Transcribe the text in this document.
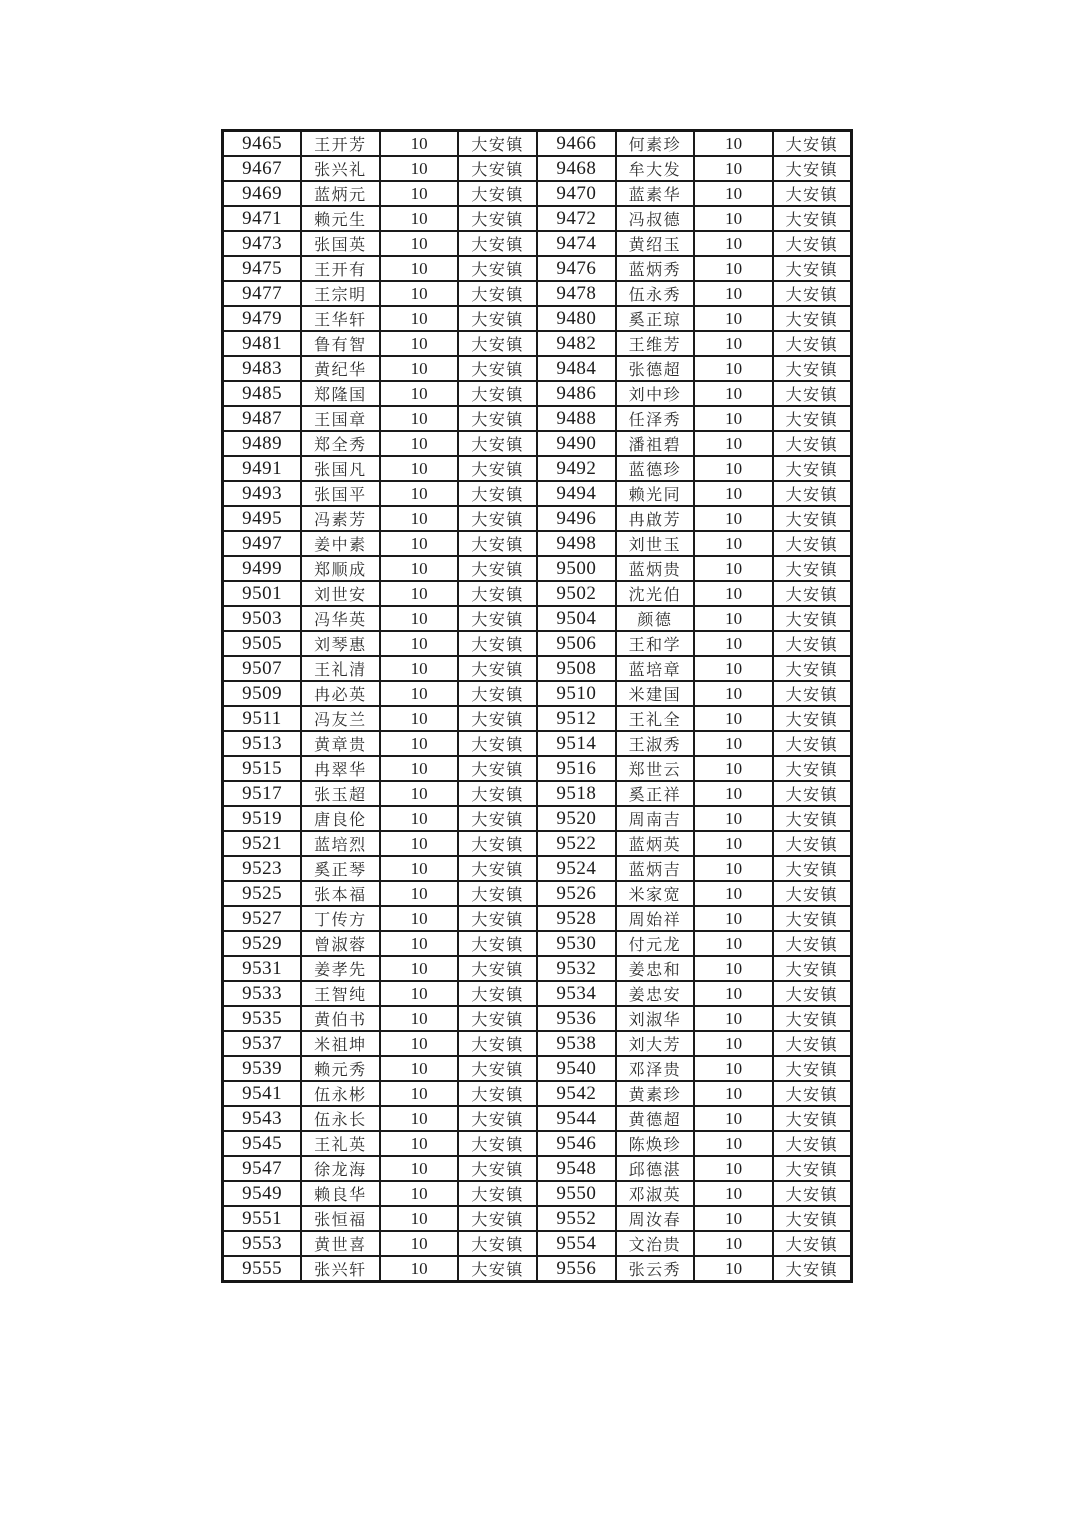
9465	王开芳	10	大安镇	9466	何素珍	10	大安镇
9467	张兴礼	10	大安镇	9468	牟大发	10	大安镇
9469	蓝炳元	10	大安镇	9470	蓝素华	10	大安镇
9471	赖元生	10	大安镇	9472	冯叔德	10	大安镇
9473	张国英	10	大安镇	9474	黄绍玉	10	大安镇
9475	王开有	10	大安镇	9476	蓝炳秀	10	大安镇
9477	王宗明	10	大安镇	9478	伍永秀	10	大安镇
9479	王华轩	10	大安镇	9480	奚正琼	10	大安镇
9481	鲁有智	10	大安镇	9482	王维芳	10	大安镇
9483	黄纪华	10	大安镇	9484	张德超	10	大安镇
9485	郑隆国	10	大安镇	9486	刘中珍	10	大安镇
9487	王国章	10	大安镇	9488	任泽秀	10	大安镇
9489	郑全秀	10	大安镇	9490	潘祖碧	10	大安镇
9491	张国凡	10	大安镇	9492	蓝德珍	10	大安镇
9493	张国平	10	大安镇	9494	赖光同	10	大安镇
9495	冯素芳	10	大安镇	9496	冉啟芳	10	大安镇
9497	姜中素	10	大安镇	9498	刘世玉	10	大安镇
9499	郑顺成	10	大安镇	9500	蓝炳贵	10	大安镇
9501	刘世安	10	大安镇	9502	沈光伯	10	大安镇
9503	冯华英	10	大安镇	9504	颜德	10	大安镇
9505	刘琴惠	10	大安镇	9506	王和学	10	大安镇
9507	王礼清	10	大安镇	9508	蓝培章	10	大安镇
9509	冉必英	10	大安镇	9510	米建国	10	大安镇
9511	冯友兰	10	大安镇	9512	王礼全	10	大安镇
9513	黄章贵	10	大安镇	9514	王淑秀	10	大安镇
9515	冉翠华	10	大安镇	9516	郑世云	10	大安镇
9517	张玉超	10	大安镇	9518	奚正祥	10	大安镇
9519	唐良伦	10	大安镇	9520	周南吉	10	大安镇
9521	蓝培烈	10	大安镇	9522	蓝炳英	10	大安镇
9523	奚正琴	10	大安镇	9524	蓝炳吉	10	大安镇
9525	张本福	10	大安镇	9526	米家宽	10	大安镇
9527	丁传方	10	大安镇	9528	周始祥	10	大安镇
9529	曾淑蓉	10	大安镇	9530	付元龙	10	大安镇
9531	姜孝先	10	大安镇	9532	姜忠和	10	大安镇
9533	王智纯	10	大安镇	9534	姜忠安	10	大安镇
9535	黄伯书	10	大安镇	9536	刘淑华	10	大安镇
9537	米祖坤	10	大安镇	9538	刘大芳	10	大安镇
9539	赖元秀	10	大安镇	9540	邓泽贵	10	大安镇
9541	伍永彬	10	大安镇	9542	黄素珍	10	大安镇
9543	伍永长	10	大安镇	9544	黄德超	10	大安镇
9545	王礼英	10	大安镇	9546	陈焕珍	10	大安镇
9547	徐龙海	10	大安镇	9548	邱德湛	10	大安镇
9549	赖良华	10	大安镇	9550	邓淑英	10	大安镇
9551	张恒福	10	大安镇	9552	周汝春	10	大安镇
9553	黄世喜	10	大安镇	9554	文治贵	10	大安镇
9555	张兴轩	10	大安镇	9556	张云秀	10	大安镇
